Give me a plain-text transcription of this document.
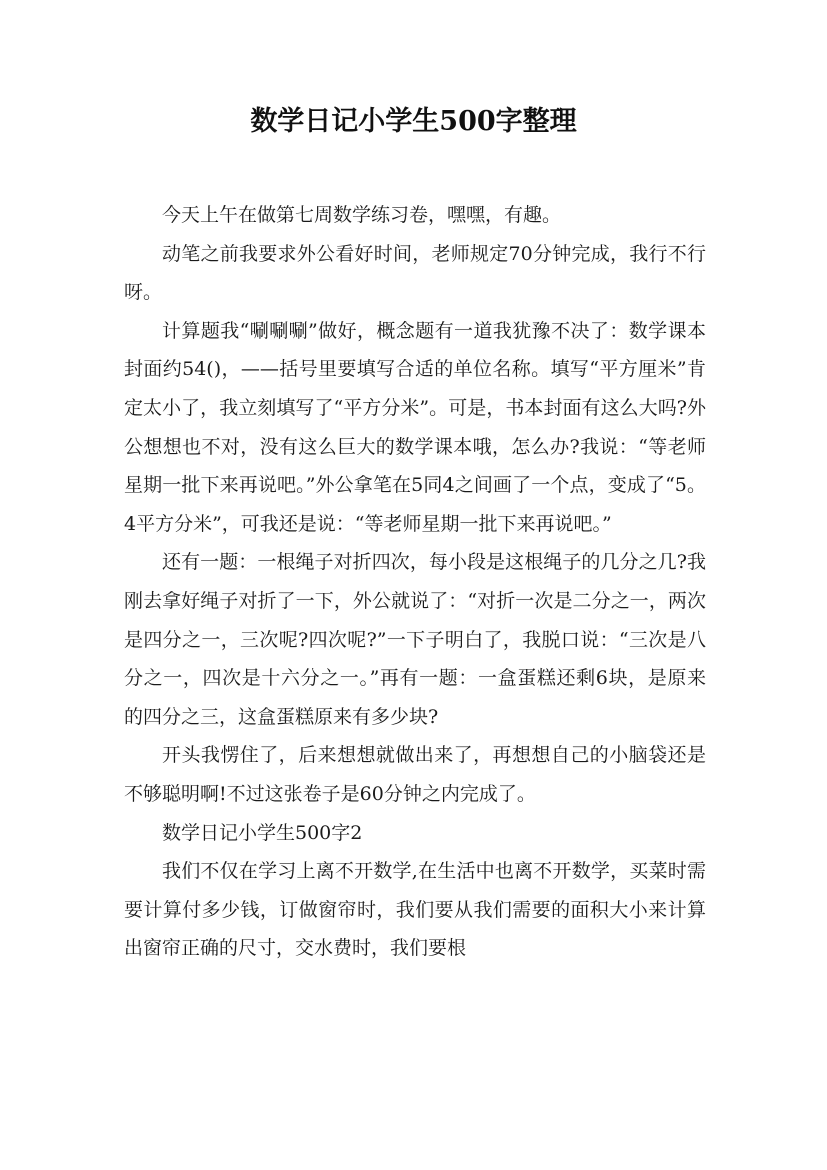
数学日记小学生500字整理

今天上午在做第七周数学练习卷，嘿嘿，有趣。

动笔之前我要求外公看好时间，老师规定70分钟完成，我行不行呀。

计算题我“唰唰唰”做好，概念题有一道我犹豫不决了：数学课本封面约54()，——括号里要填写合适的单位名称。填写“平方厘米”肯定太小了，我立刻填写了“平方分米”。可是，书本封面有这么大吗?外公想想也不对，没有这么巨大的数学课本哦，怎么办?我说：“等老师星期一批下来再说吧。”外公拿笔在5同4之间画了一个点，变成了“5。4平方分米”，可我还是说：“等老师星期一批下来再说吧。”

还有一题：一根绳子对折四次，每小段是这根绳子的几分之几?我刚去拿好绳子对折了一下，外公就说了：“对折一次是二分之一，两次是四分之一，三次呢?四次呢?”一下子明白了，我脱口说：“三次是八分之一，四次是十六分之一。”再有一题：一盒蛋糕还剩6块，是原来的四分之三，这盒蛋糕原来有多少块?

开头我愣住了，后来想想就做出来了，再想想自己的小脑袋还是不够聪明啊!不过这张卷子是60分钟之内完成了。

数学日记小学生500字2

我们不仅在学习上离不开数学,在生活中也离不开数学，买菜时需要计算付多少钱，订做窗帘时，我们要从我们需要的面积大小来计算出窗帘正确的尺寸，交水费时，我们要根
